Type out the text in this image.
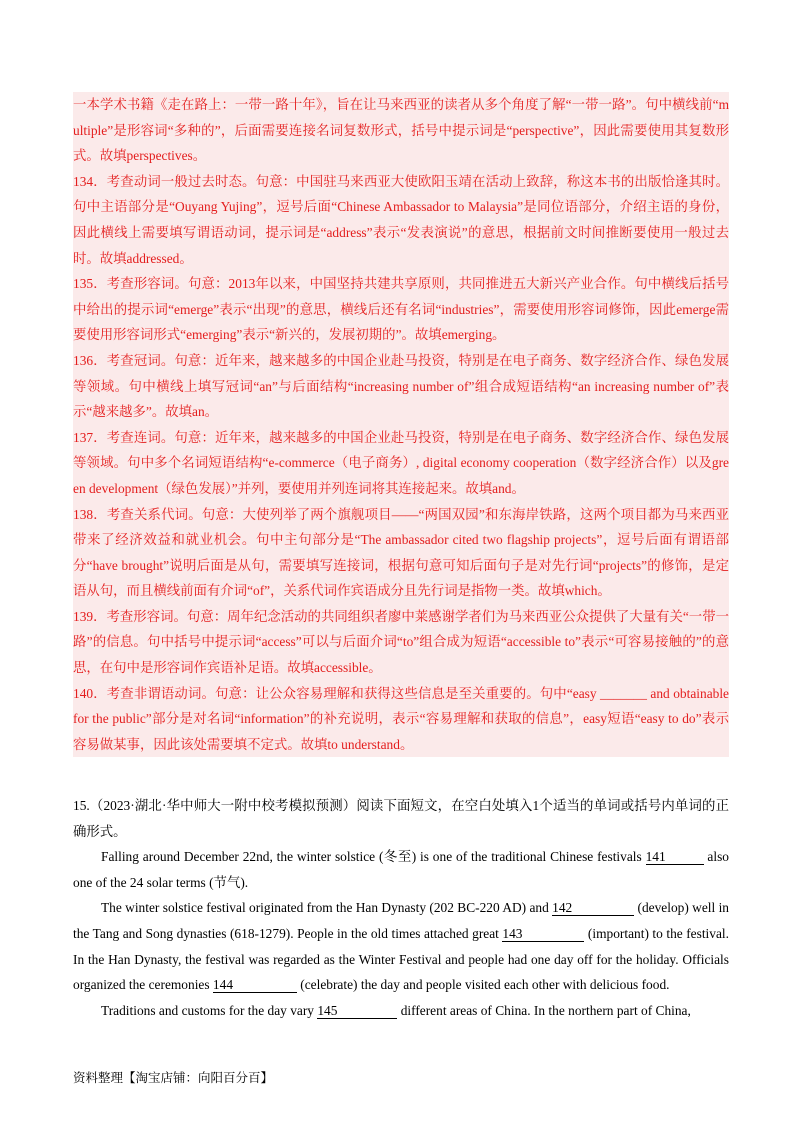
一本学术书籍《走在路上：一带一路十年》，旨在让马来西亚的读者从多个角度了解“一带一路”。句中横线前“multiple”是形容词“多种的”，后面需要连接名词复数形式，括号中提示词是“perspective”，因此需要使用其复数形式。故填perspectives。

134．考查动词一般过去时态。句意：中国驻马来西亚大使欧阳玉靖在活动上致辞，称这本书的出版恰逢其时。句中主语部分是“Ouyang Yujing”，逗号后面“Chinese Ambassador to Malaysia”是同位语部分，介绍主语的身份，因此横线上需要填写谓语动词，提示词是“address”表示“发表演说”的意思，根据前文时间推断要使用一般过去时。故填addressed。

135．考查形容词。句意：2013年以来，中国坚持共建共享原则，共同推进五大新兴产业合作。句中横线后括号中给出的提示词“emerge”表示“出现”的意思，横线后还有名词“industries”，需要使用形容词修饰，因此emerge需要使用形容词形式“emerging”表示“新兴的，发展初期的”。故填emerging。

136．考查冠词。句意：近年来，越来越多的中国企业赴马投资，特别是在电子商务、数字经济合作、绿色发展等领域。句中横线上填写冠词“an”与后面结构“increasing number of”组合成短语结构“an increasing number of”表示“越来越多”。故填an。

137．考查连词。句意：近年来，越来越多的中国企业赴马投资，特别是在电子商务、数字经济合作、绿色发展等领域。句中多个名词短语结构“e-commerce（电子商务）, digital economy cooperation（数字经济合作）以及green development（绿色发展）”并列，要使用并列连词将其连接起来。故填and。

138．考查关系代词。句意：大使列举了两个旗舰项目——“两国双园”和东海岸铁路，这两个项目都为马来西亚带来了经济效益和就业机会。句中主句部分是“The ambassador cited two flagship projects”，逗号后面有谓语部分“have brought”说明后面是从句，需要填写连接词，根据句意可知后面句子是对先行词“projects”的修饰，是定语从句，而且横线前面有介词“of”，关系代词作宾语成分且先行词是指物一类。故填which。

139．考查形容词。句意：周年纪念活动的共同组织者廖中莱感谢学者们为马来西亚公众提供了大量有关“一带一路”的信息。句中括号中提示词“access”可以与后面介词“to”组合成为短语“accessible to”表示“可容易接触的”的意思，在句中是形容词作宾语补足语。故填accessible。

140．考查非谓语动词。句意：让公众容易理解和获得这些信息是至关重要的。句中“easy _______ and obtainable for the public”部分是对名词“information”的补充说明，表示“容易理解和获取的信息”，easy短语“easy to do”表示容易做某事，因此该处需要填不定式。故填to understand。

15.（2023·湖北·华中师大一附中校考模拟预测）阅读下面短文，在空白处填入1个适当的单词或括号内单词的正确形式。

Falling around December 22nd, the winter solstice (冬至) is one of the traditional Chinese festivals 141	also one of the 24 solar terms (节气).

The winter solstice festival originated from the Han Dynasty (202 BC-220 AD) and 142	(develop) well in the Tang and Song dynasties (618-1279). People in the old times attached great 143	(important) to the festival. In the Han Dynasty, the festival was regarded as the Winter Festival and people had one day off for the holiday. Officials organized the ceremonies 144	(celebrate) the day and people visited each other with delicious food.

Traditions and customs for the day vary 145	different areas of China. In the northern part of China,

资料整理【淘宝店铺：向阳百分百】
